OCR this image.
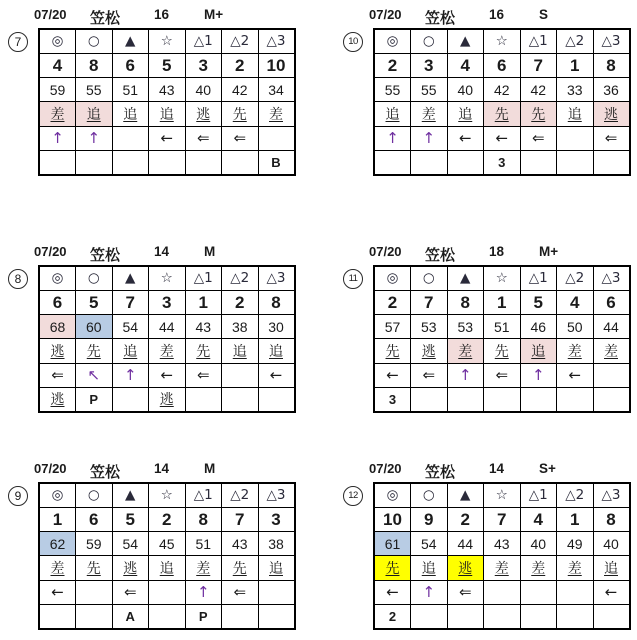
7
07/20 笠松	16	M+
◎	○	▲	☆	△1	△2	△3
4	8	6	5	3	2	10
59	55	51	43	40	42	34
差	追	追	追	逃	先	差
↑	↑		←	⇐	⇐	
						B
10
07/20 笠松	16	S
◎	○	▲	☆	△1	△2	△3
2	3	4	6	7	1	8
55	55	40	42	42	33	36
追	差	追	先	先	追	逃
↑	↑	←	←	⇐		⇐
			3			
8
07/20 笠松	14	M
◎	○	▲	☆	△1	△2	△3
6	5	7	3	1	2	8
68	60	54	44	43	38	30
逃	先	追	差	先	追	追
⇐	↖	↑	←	⇐		←
逃	P		逃			
11
07/20 笠松	18	M+
◎	○	▲	☆	△1	△2	△3
2	7	8	1	5	4	6
57	53	53	51	46	50	44
先	逃	差	先	追	差	差
←	⇐	↑	⇐	↑	←	
3						
9
07/20 笠松	14	M
◎	○	▲	☆	△1	△2	△3
1	6	5	2	8	7	3
62	59	54	45	51	43	38
差	先	逃	追	差	先	追
←		⇐		↑	⇐	
		A		P		
12
07/20 笠松	14	S+
◎	○	▲	☆	△1	△2	△3
10	9	2	7	4	1	8
61	54	44	43	40	49	40
先	追	逃	差	差	差	追
←	↑	⇐				←
2						
